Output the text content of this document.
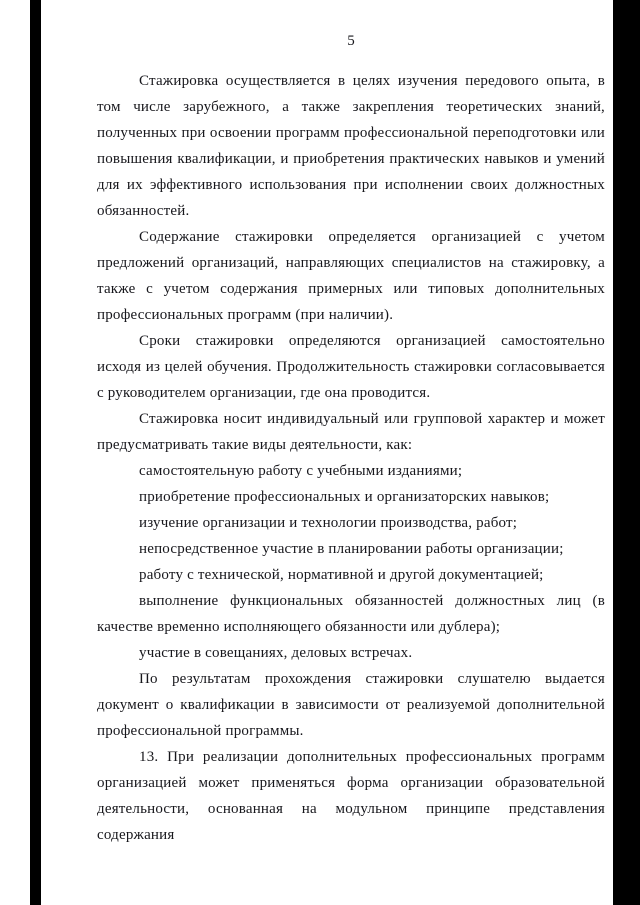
5

Стажировка осуществляется в целях изучения передового опыта, в том числе зарубежного, а также закрепления теоретических знаний, полученных при освоении программ профессиональной переподготовки или повышения квалификации, и приобретения практических навыков и умений для их эффективного использования при исполнении своих должностных обязанностей.

Содержание стажировки определяется организацией с учетом предложений организаций, направляющих специалистов на стажировку, а также с учетом содержания примерных или типовых дополнительных профессиональных программ (при наличии).

Сроки стажировки определяются организацией самостоятельно исходя из целей обучения. Продолжительность стажировки согласовывается с руководителем организации, где она проводится.

Стажировка носит индивидуальный или групповой характер и может предусматривать такие виды деятельности, как:

самостоятельную работу с учебными изданиями;

приобретение профессиональных и организаторских навыков;

изучение организации и технологии производства, работ;

непосредственное участие в планировании работы организации;

работу с технической, нормативной и другой документацией;

выполнение функциональных обязанностей должностных лиц (в качестве временно исполняющего обязанности или дублера);

участие в совещаниях, деловых встречах.

По результатам прохождения стажировки слушателю выдается документ о квалификации в зависимости от реализуемой дополнительной профессиональной программы.

13. При реализации дополнительных профессиональных программ организацией может применяться форма организации образовательной деятельности, основанная на модульном принципе представления содержания
